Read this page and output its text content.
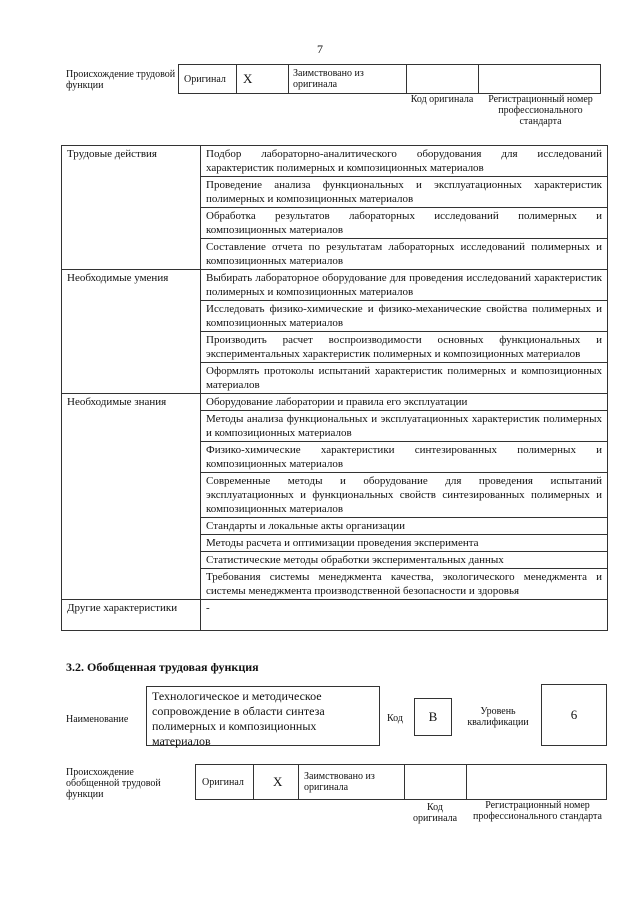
7
Происхождение трудовой функции
Оригинал	X	Заимствовано из оригинала
Код оригинала	Регистрационный номер профессионального стандарта
Трудовые действия	Подбор лабораторно-аналитического оборудования для исследований характеристик полимерных и композиционных материалов
	Проведение анализа функциональных и эксплуатационных характеристик полимерных и композиционных материалов
	Обработка результатов лабораторных исследований полимерных и композиционных материалов
	Составление отчета по результатам лабораторных исследований полимерных и композиционных материалов
Необходимые умения	Выбирать лабораторное оборудование для проведения исследований характеристик полимерных и композиционных материалов
	Исследовать физико-химические и физико-механические свойства полимерных и композиционных материалов
	Производить расчет воспроизводимости основных функциональных и экспериментальных характеристик полимерных и композиционных материалов
	Оформлять протоколы испытаний характеристик полимерных и композиционных материалов
Необходимые знания	Оборудование лаборатории и правила его эксплуатации
	Методы анализа функциональных и эксплуатационных характеристик полимерных и композиционных материалов
	Физико-химические характеристики синтезированных полимерных и композиционных материалов
	Современные методы и оборудование для проведения испытаний эксплуатационных и функциональных свойств синтезированных полимерных и композиционных материалов
	Стандарты и локальные акты организации
	Методы расчета и оптимизации проведения эксперимента
	Статистические методы обработки экспериментальных данных
	Требования системы менеджмента качества, экологического менеджмента и системы менеджмента производственной безопасности и здоровья
Другие характеристики	-
3.2. Обобщенная трудовая функция
Наименование
Технологическое и методическое сопровождение в области синтеза полимерных и композиционных материалов
Код	B	Уровень квалификации
6
Происхождение обобщенной трудовой функции
Оригинал	X	Заимствовано из оригинала
Код оригинала
Регистрационный номер профессионального стандарта
